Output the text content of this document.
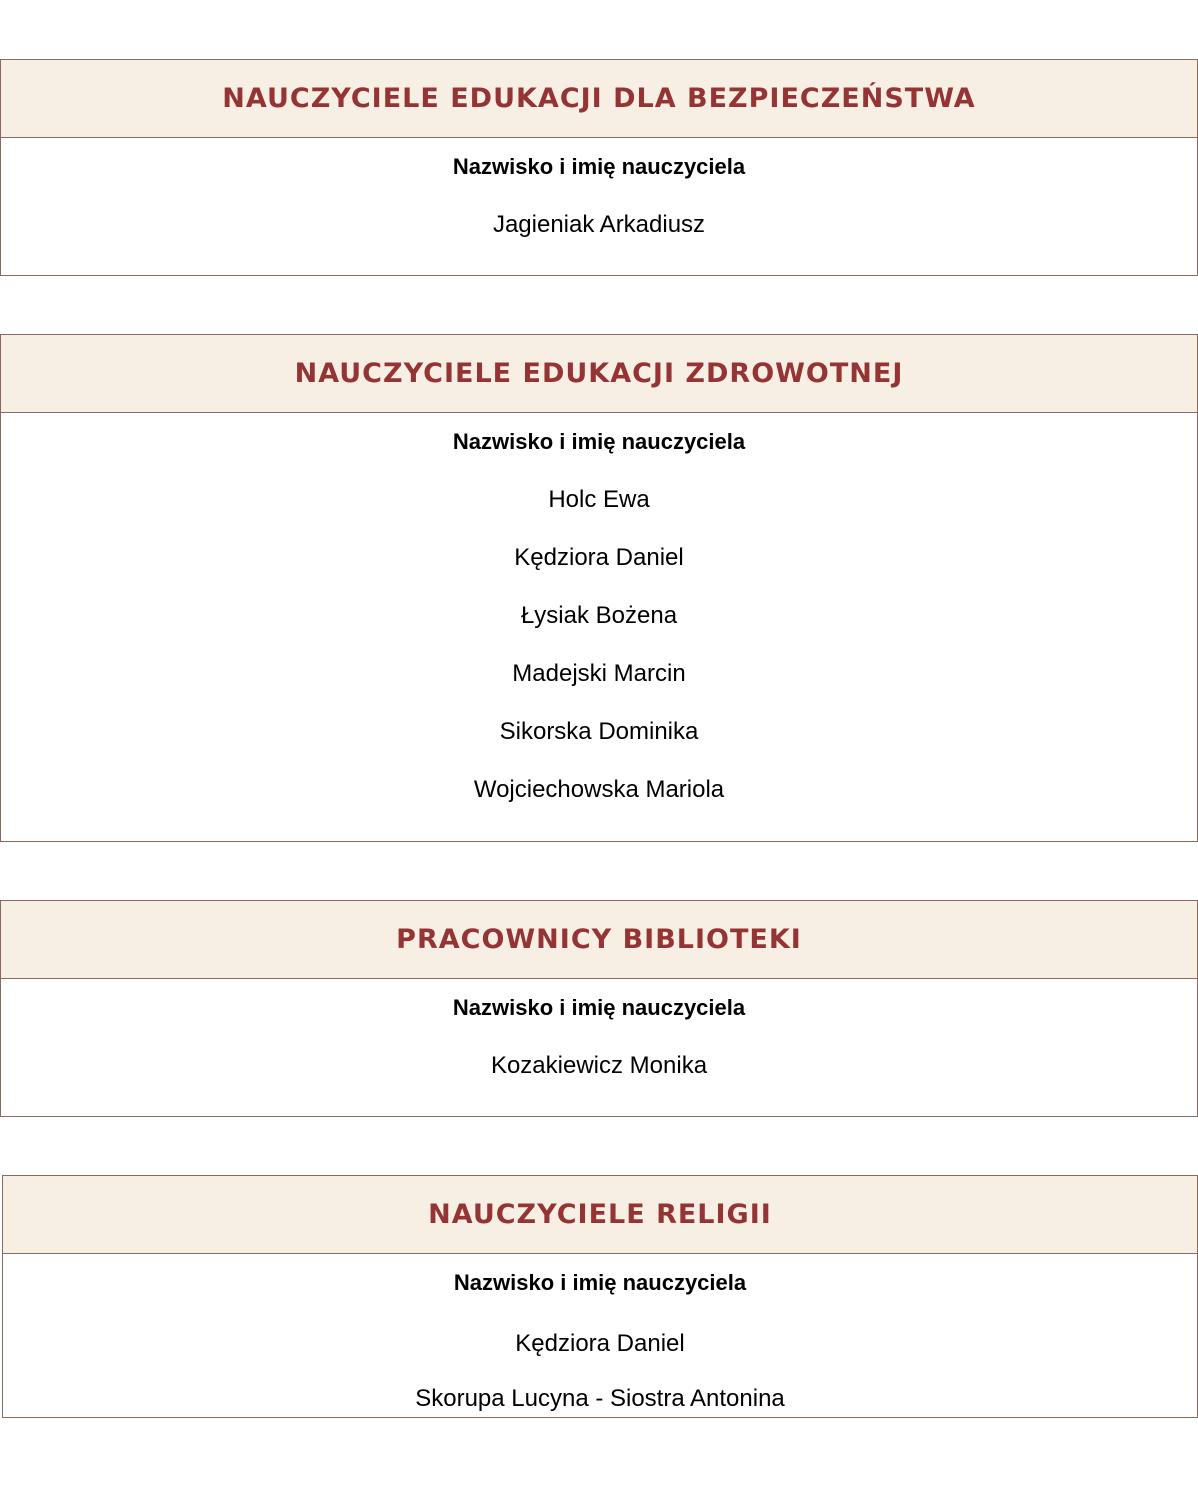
NAUCZYCIELE EDUKACJI DLA BEZPIECZEŃSTWA
Nazwisko i imię nauczyciela
Jagieniak Arkadiusz
NAUCZYCIELE EDUKACJI ZDROWOTNEJ
Nazwisko i imię nauczyciela
Holc Ewa
Kędziora Daniel
Łysiak Bożena
Madejski Marcin
Sikorska Dominika
Wojciechowska Mariola
PRACOWNICY BIBLIOTEKI
Nazwisko i imię nauczyciela
Kozakiewicz Monika
NAUCZYCIELE RELIGII
Nazwisko i imię nauczyciela
Kędziora Daniel
Skorupa Lucyna - Siostra Antonina
